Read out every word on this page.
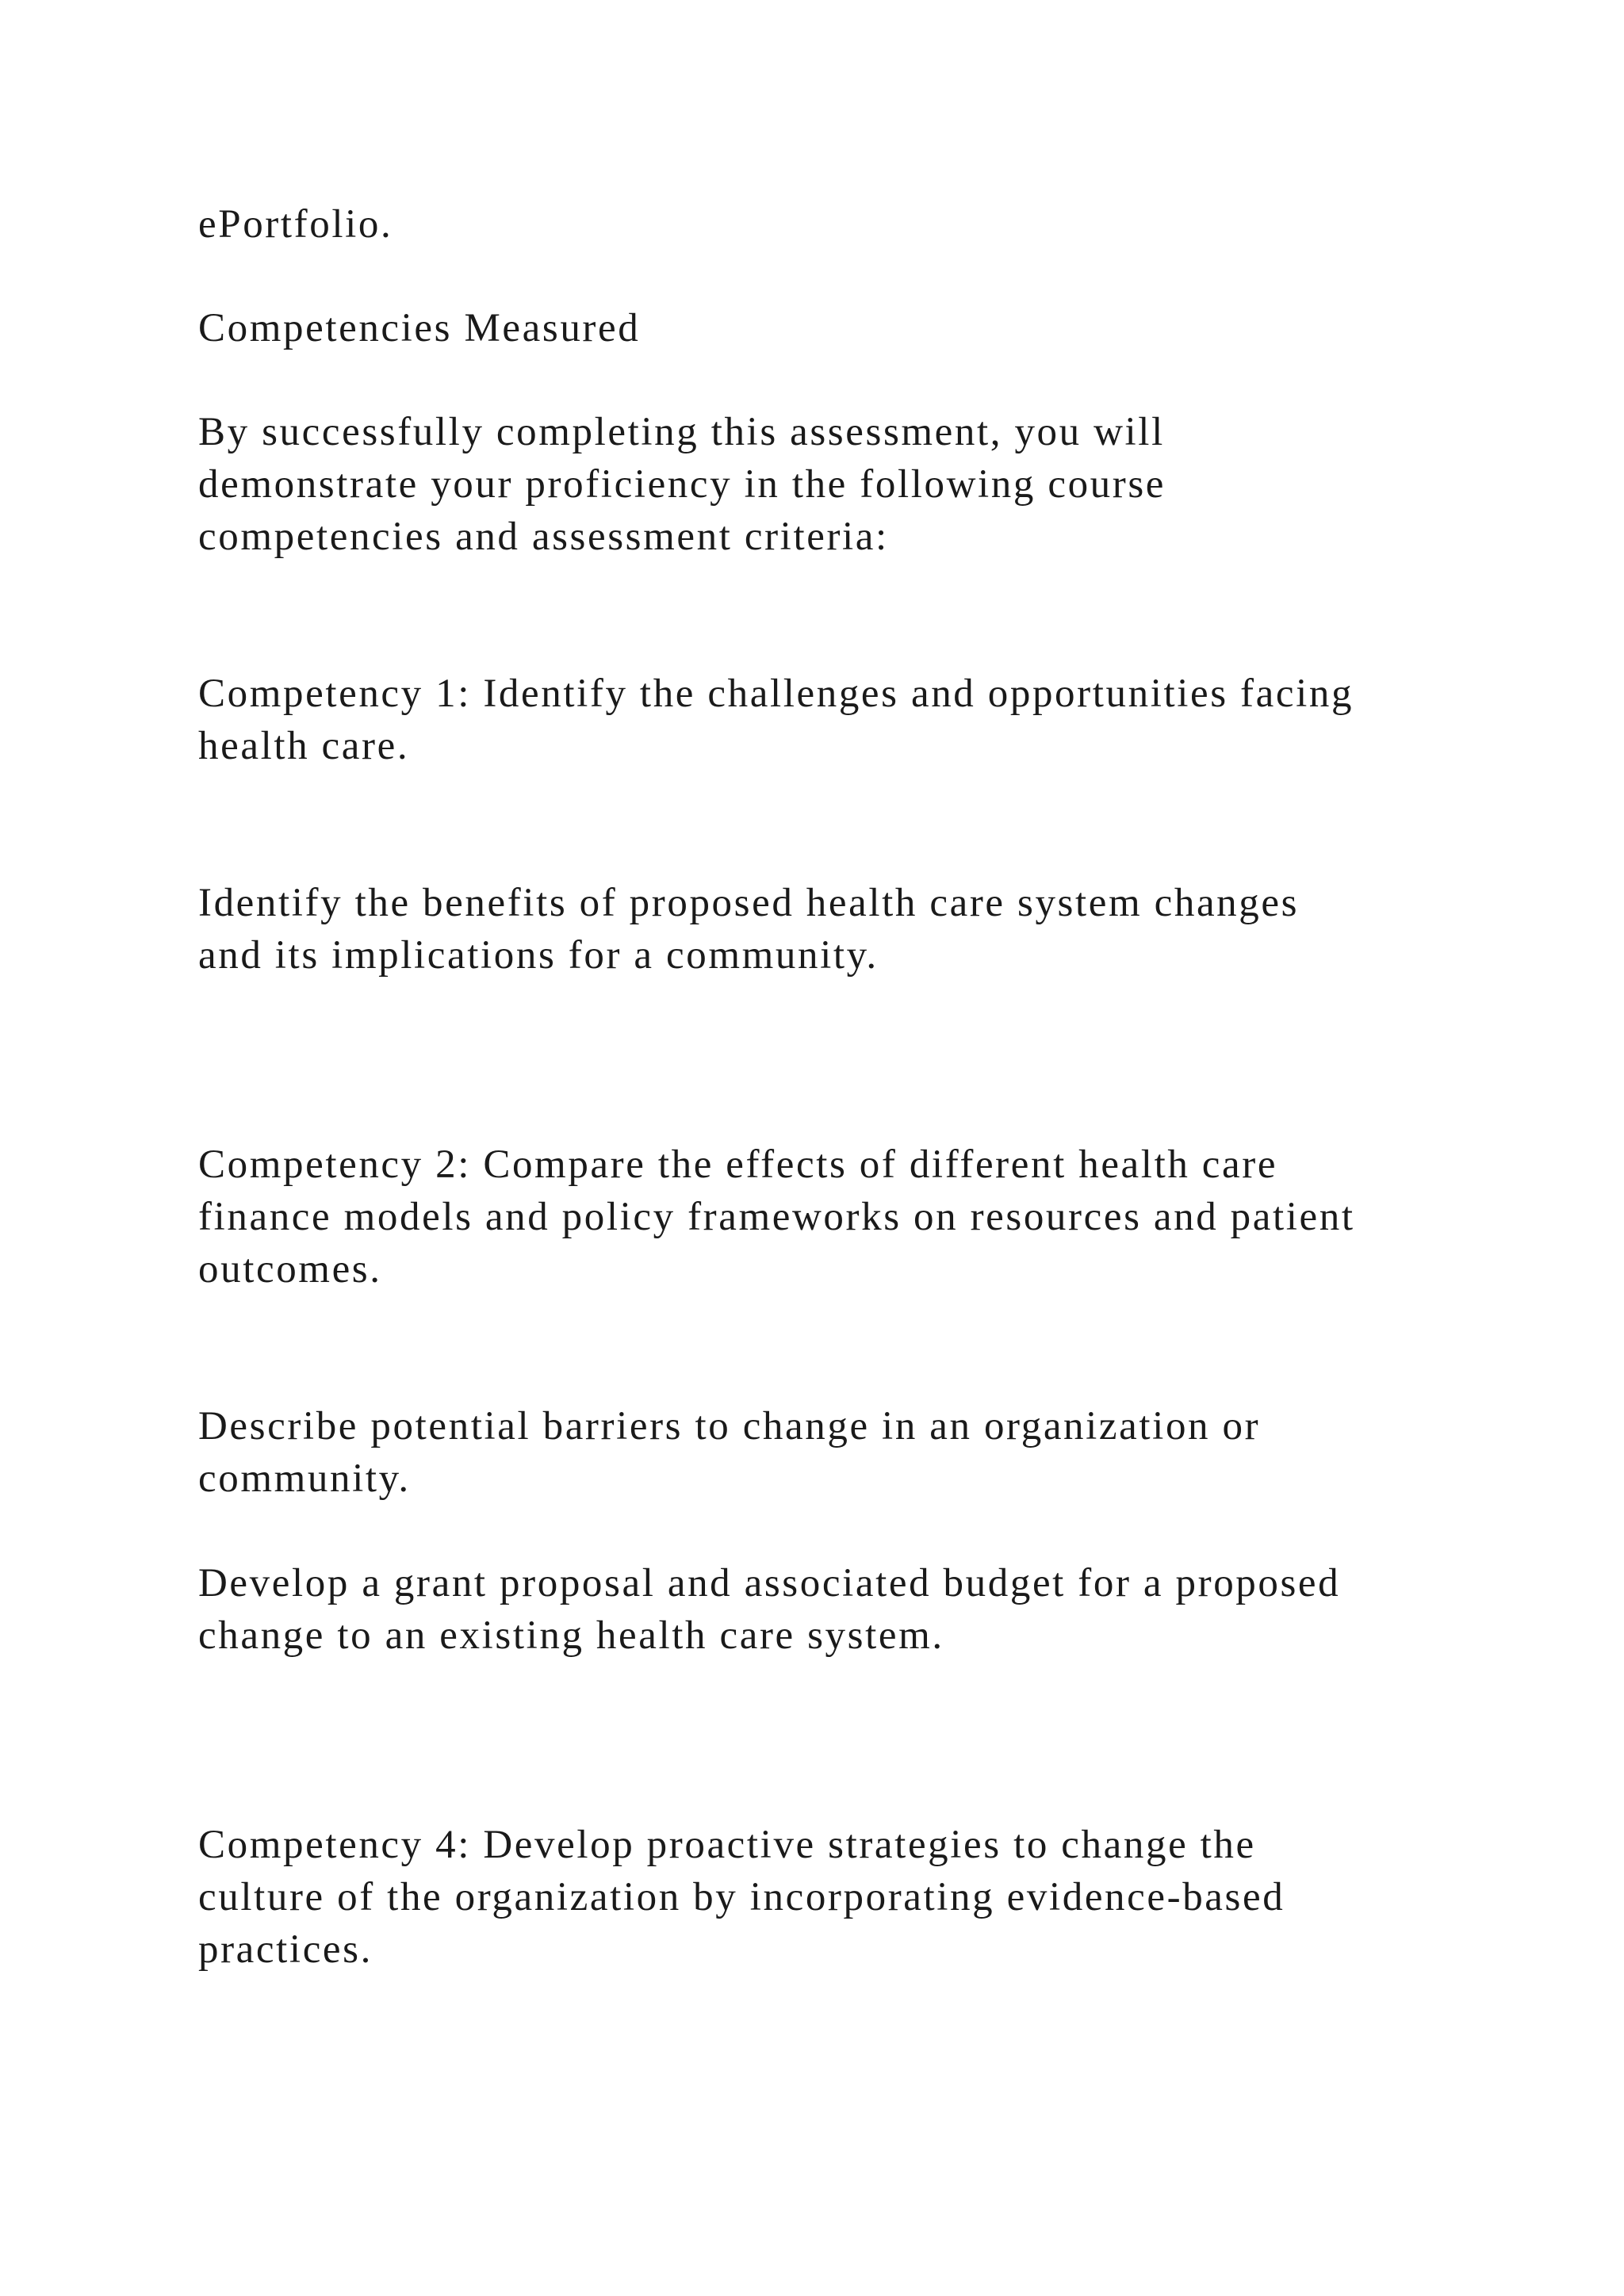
ePortfolio.

Competencies Measured

By successfully completing this assessment, you will

demonstrate your proficiency in the following course

competencies and assessment criteria:

Competency 1: Identify the challenges and opportunities facing

health care.

Identify the benefits of proposed health care system changes

and its implications for a community.

Competency 2: Compare the effects of different health care

finance models and policy frameworks on resources and patient

outcomes.

Describe potential barriers to change in an organization or

community.

Develop a grant proposal and associated budget for a proposed

change to an existing health care system.

Competency 4: Develop proactive strategies to change the

culture of the organization by incorporating evidence-based

practices.
